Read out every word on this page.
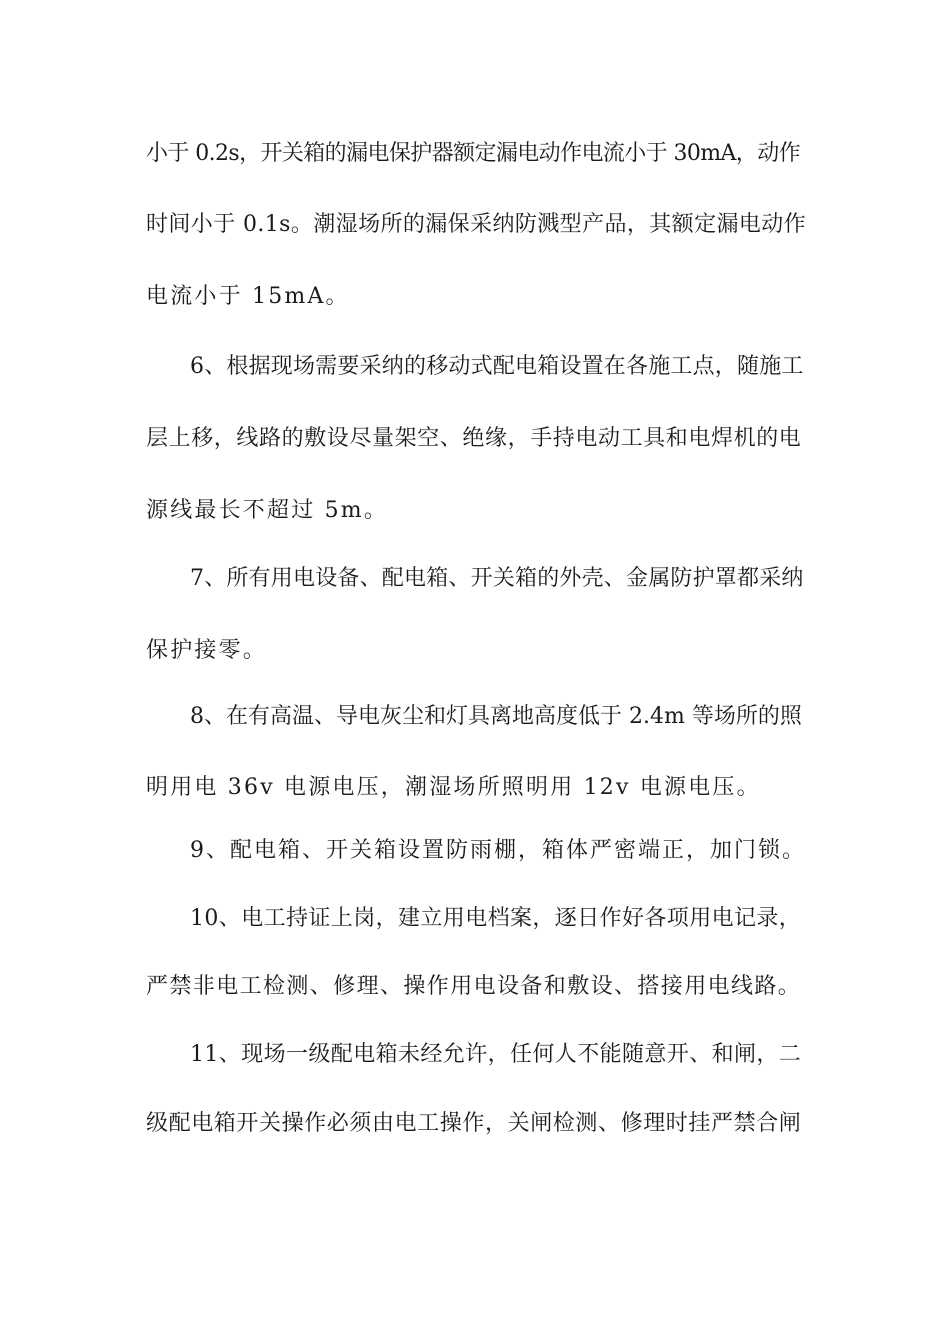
小于 0.2s，开关箱的漏电保护器额定漏电动作电流小于 30mA，动作
时间小于 0.1s。潮湿场所的漏保采纳防溅型产品，其额定漏电动作
电流小于 15mA。
6、根据现场需要采纳的移动式配电箱设置在各施工点，随施工
层上移，线路的敷设尽量架空、绝缘，手持电动工具和电焊机的电
源线最长不超过 5m。
7、所有用电设备、配电箱、开关箱的外壳、金属防护罩都采纳
保护接零。
8、在有高温、导电灰尘和灯具离地高度低于 2.4m 等场所的照
明用电 36v 电源电压，潮湿场所照明用 12v 电源电压。
9、配电箱、开关箱设置防雨棚，箱体严密端正，加门锁。
10、电工持证上岗，建立用电档案，逐日作好各项用电记录，
严禁非电工检测、修理、操作用电设备和敷设、搭接用电线路。
11、现场一级配电箱未经允许，任何人不能随意开、和闸，二
级配电箱开关操作必须由电工操作，关闸检测、修理时挂严禁合闸
